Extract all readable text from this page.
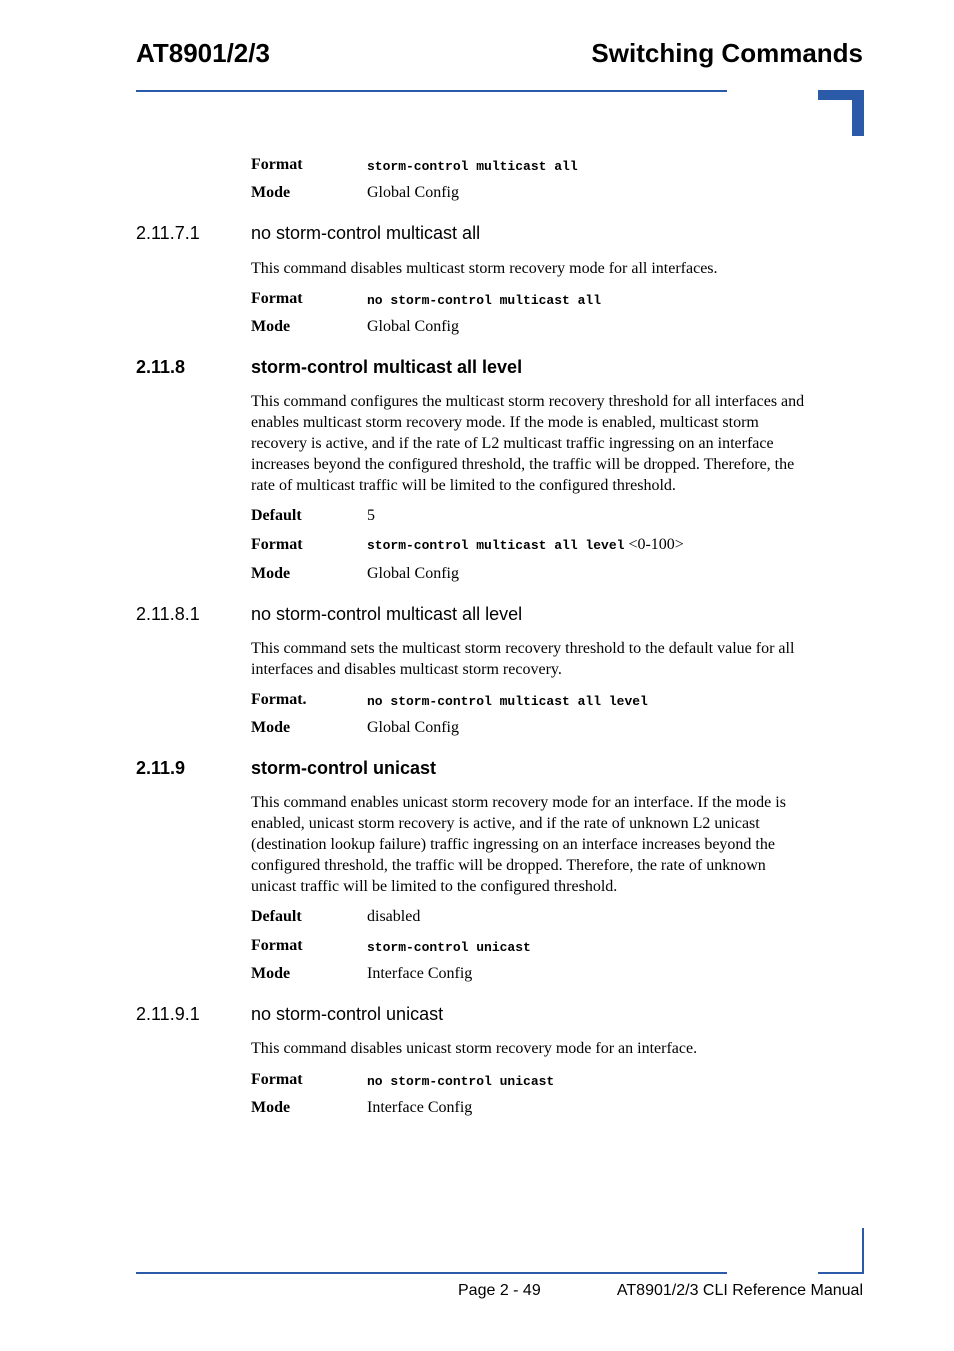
AT8901/2/3	Switching Commands
Format	storm-control multicast all
Mode	Global Config
2.11.7.1	no storm-control multicast all
This command disables multicast storm recovery mode for all interfaces.
Format	no storm-control multicast all
Mode	Global Config
2.11.8	storm-control multicast all level
This command configures the multicast storm recovery threshold for all interfaces and
enables multicast storm recovery mode. If the mode is enabled, multicast storm
recovery is active, and if the rate of L2 multicast traffic ingressing on an interface
increases beyond the configured threshold, the traffic will be dropped. Therefore, the
rate of multicast traffic will be limited to the configured threshold.
Default	5
Format	storm-control multicast all level <0-100>
Mode	Global Config
2.11.8.1	no storm-control multicast all level
This command sets the multicast storm recovery threshold to the default value for all
interfaces and disables multicast storm recovery.
Format.	no storm-control multicast all level
Mode	Global Config
2.11.9	storm-control unicast
This command enables unicast storm recovery mode for an interface. If the mode is
enabled, unicast storm recovery is active, and if the rate of unknown L2 unicast
(destination lookup failure) traffic ingressing on an interface increases beyond the
configured threshold, the traffic will be dropped. Therefore, the rate of unknown
unicast traffic will be limited to the configured threshold.
Default	disabled
Format	storm-control unicast
Mode	Interface Config
2.11.9.1	no storm-control unicast
This command disables unicast storm recovery mode for an interface.
Format	no storm-control unicast
Mode	Interface Config
Page 2 - 49	AT8901/2/3 CLI Reference Manual
